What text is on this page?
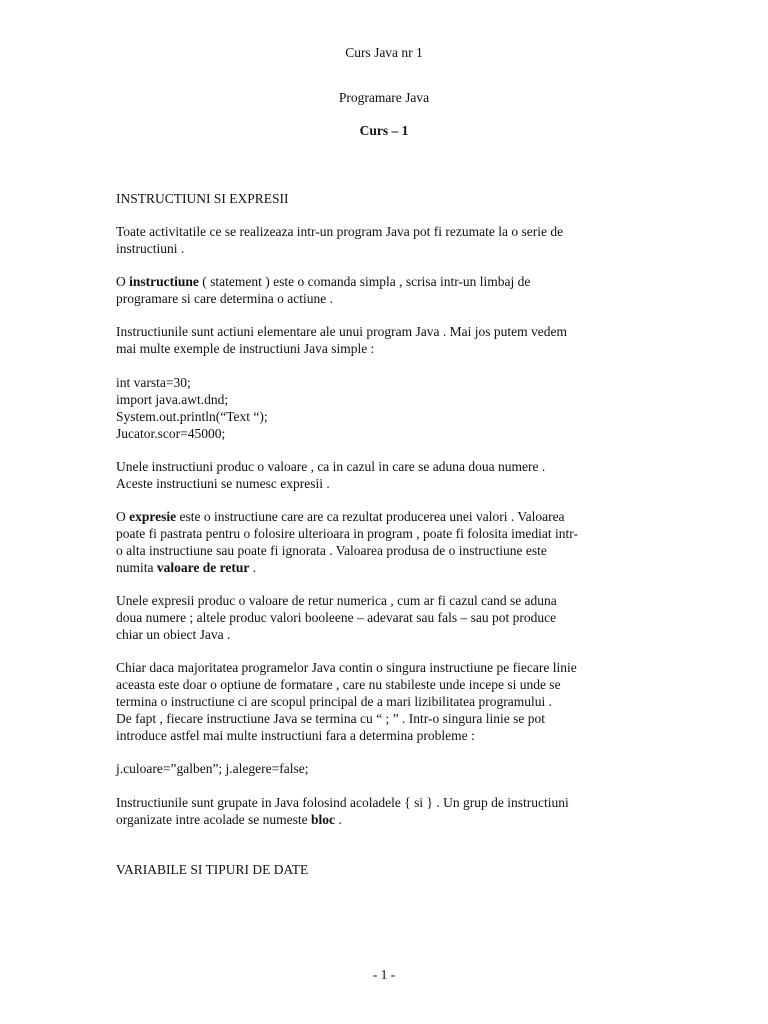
Curs Java nr 1
Programare Java
Curs – 1
INSTRUCTIUNI SI EXPRESII
Toate activitatile ce se realizeaza intr-un program Java pot fi rezumate la o serie de
instructiuni .
O instructiune ( statement ) este o comanda simpla , scrisa intr-un limbaj de
programare si care determina o actiune .
Instructiunile sunt actiuni elementare ale unui program Java . Mai jos putem vedem
mai multe exemple de instructiuni Java simple :
int varsta=30;
import java.awt.dnd;
System.out.println(“Text “);
Jucator.scor=45000;
Unele instructiuni produc o valoare , ca in cazul in care se aduna doua numere .
Aceste instructiuni se numesc expresii .
O expresie este o instructiune care are ca rezultat producerea unei valori . Valoarea
poate fi pastrata pentru o folosire ulterioara in program , poate fi folosita imediat intr-
o alta instructiune sau poate fi ignorata . Valoarea produsa de o instructiune este
numita valoare de retur .
Unele expresii produc o valoare de retur numerica , cum ar fi cazul cand se aduna
doua numere ; altele produc valori booleene – adevarat sau fals – sau pot produce
chiar un obiect Java .
Chiar daca majoritatea programelor Java contin o singura instructiune pe fiecare linie
aceasta este doar o optiune de formatare , care nu stabileste unde incepe si unde se
termina o instructiune ci are scopul principal de a mari lizibilitatea programului .
De fapt , fiecare instructiune Java se termina cu “ ; ” . Intr-o singura linie se pot
introduce astfel mai multe instructiuni fara a determina probleme :
j.culoare=”galben”; j.alegere=false;
Instructiunile sunt grupate in Java folosind acoladele { si } . Un grup de instructiuni
organizate intre acolade se numeste bloc .
VARIABILE SI TIPURI DE DATE
- 1 -
